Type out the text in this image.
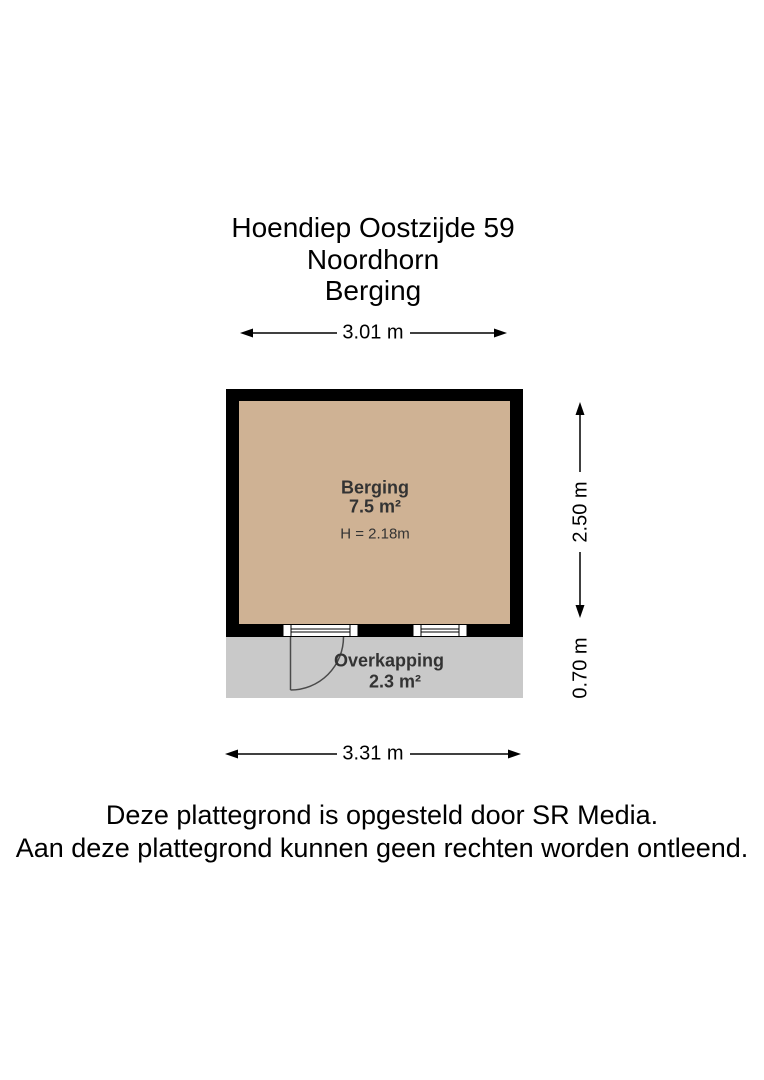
Hoendiep Oostzijde 59
Noordhorn
Berging
3.01 m
3.31 m
2.50 m
0.70 m
Berging
7.5 m²
H = 2.18m
Overkapping
2.3 m²
Deze plattegrond is opgesteld door SR Media.
Aan deze plattegrond kunnen geen rechten worden ontleend.
